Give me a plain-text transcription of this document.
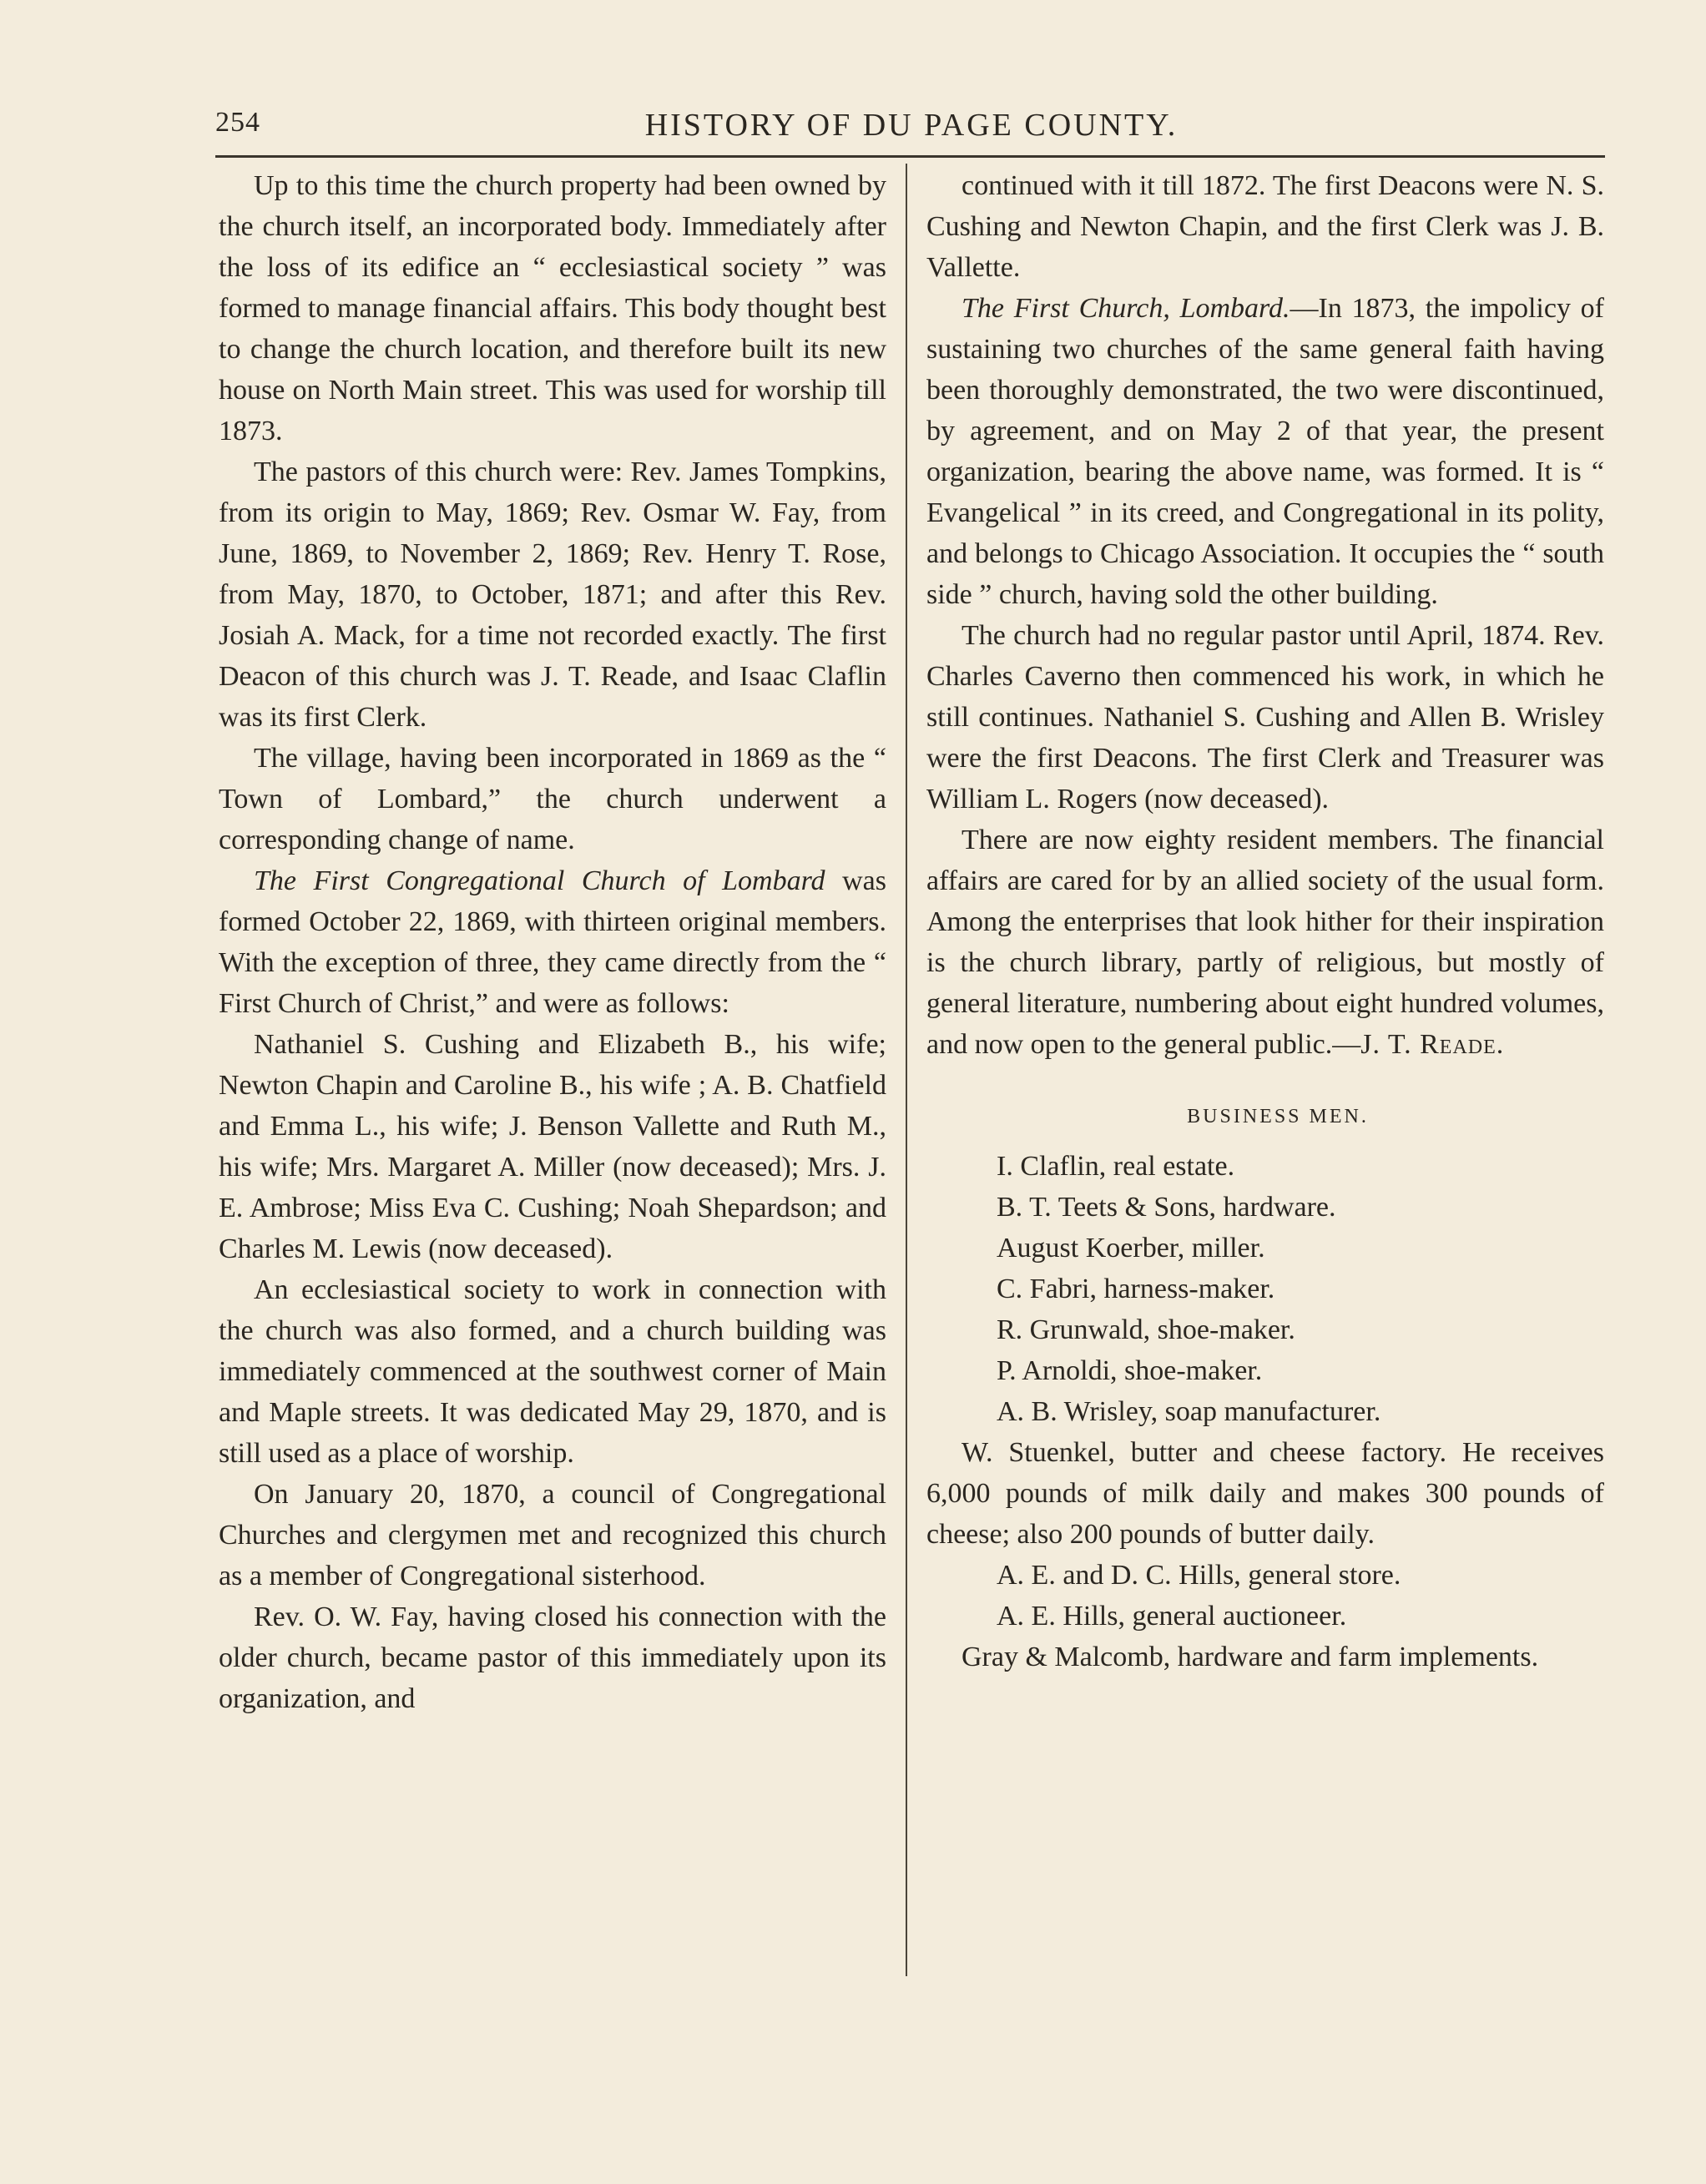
254	HISTORY OF DU PAGE COUNTY.

Up to this time the church property had been owned by the church itself, an incorporated body. Immediately after the loss of its edifice an “ ecclesiastical society ” was formed to manage financial affairs. This body thought best to change the church location, and therefore built its new house on North Main street. This was used for worship till 1873.

The pastors of this church were: Rev. James Tompkins, from its origin to May, 1869; Rev. Osmar W. Fay, from June, 1869, to November 2, 1869; Rev. Henry T. Rose, from May, 1870, to October, 1871; and after this Rev. Josiah A. Mack, for a time not recorded exactly. The first Deacon of this church was J. T. Reade, and Isaac Claflin was its first Clerk.

The village, having been incorporated in 1869 as the “ Town of Lombard,” the church underwent a corresponding change of name.

The First Congregational Church of Lombard was formed October 22, 1869, with thirteen original members. With the exception of three, they came directly from the “ First Church of Christ,” and were as follows:

Nathaniel S. Cushing and Elizabeth B., his wife; Newton Chapin and Caroline B., his wife ; A. B. Chatfield and Emma L., his wife; J. Benson Vallette and Ruth M., his wife; Mrs. Margaret A. Miller (now deceased); Mrs. J. E. Ambrose; Miss Eva C. Cushing; Noah Shepardson; and Charles M. Lewis (now deceased).

An ecclesiastical society to work in connection with the church was also formed, and a church building was immediately commenced at the southwest corner of Main and Maple streets. It was dedicated May 29, 1870, and is still used as a place of worship.

On January 20, 1870, a council of Congregational Churches and clergymen met and recognized this church as a member of Congregational sisterhood.

Rev. O. W. Fay, having closed his connection with the older church, became pastor of this immediately upon its organization, and

continued with it till 1872. The first Deacons were N. S. Cushing and Newton Chapin, and the first Clerk was J. B. Vallette.

The First Church, Lombard.—In 1873, the impolicy of sustaining two churches of the same general faith having been thoroughly demonstrated, the two were discontinued, by agreement, and on May 2 of that year, the present organization, bearing the above name, was formed. It is “ Evangelical ” in its creed, and Congregational in its polity, and belongs to Chicago Association. It occupies the “ south side ” church, having sold the other building.

The church had no regular pastor until April, 1874. Rev. Charles Caverno then commenced his work, in which he still continues. Nathaniel S. Cushing and Allen B. Wrisley were the first Deacons. The first Clerk and Treasurer was William L. Rogers (now deceased).

There are now eighty resident members. The financial affairs are cared for by an allied society of the usual form. Among the enterprises that look hither for their inspiration is the church library, partly of religious, but mostly of general literature, numbering about eight hundred volumes, and now open to the general public.—J. T. Reade.

BUSINESS MEN.

I. Claflin, real estate.

B. T. Teets & Sons, hardware.

August Koerber, miller.

C. Fabri, harness-maker.

R. Grunwald, shoe-maker.

P. Arnoldi, shoe-maker.

A. B. Wrisley, soap manufacturer.

W. Stuenkel, butter and cheese factory. He receives 6,000 pounds of milk daily and makes 300 pounds of cheese; also 200 pounds of butter daily.

A. E. and D. C. Hills, general store.

A. E. Hills, general auctioneer.

Gray & Malcomb, hardware and farm implements.
